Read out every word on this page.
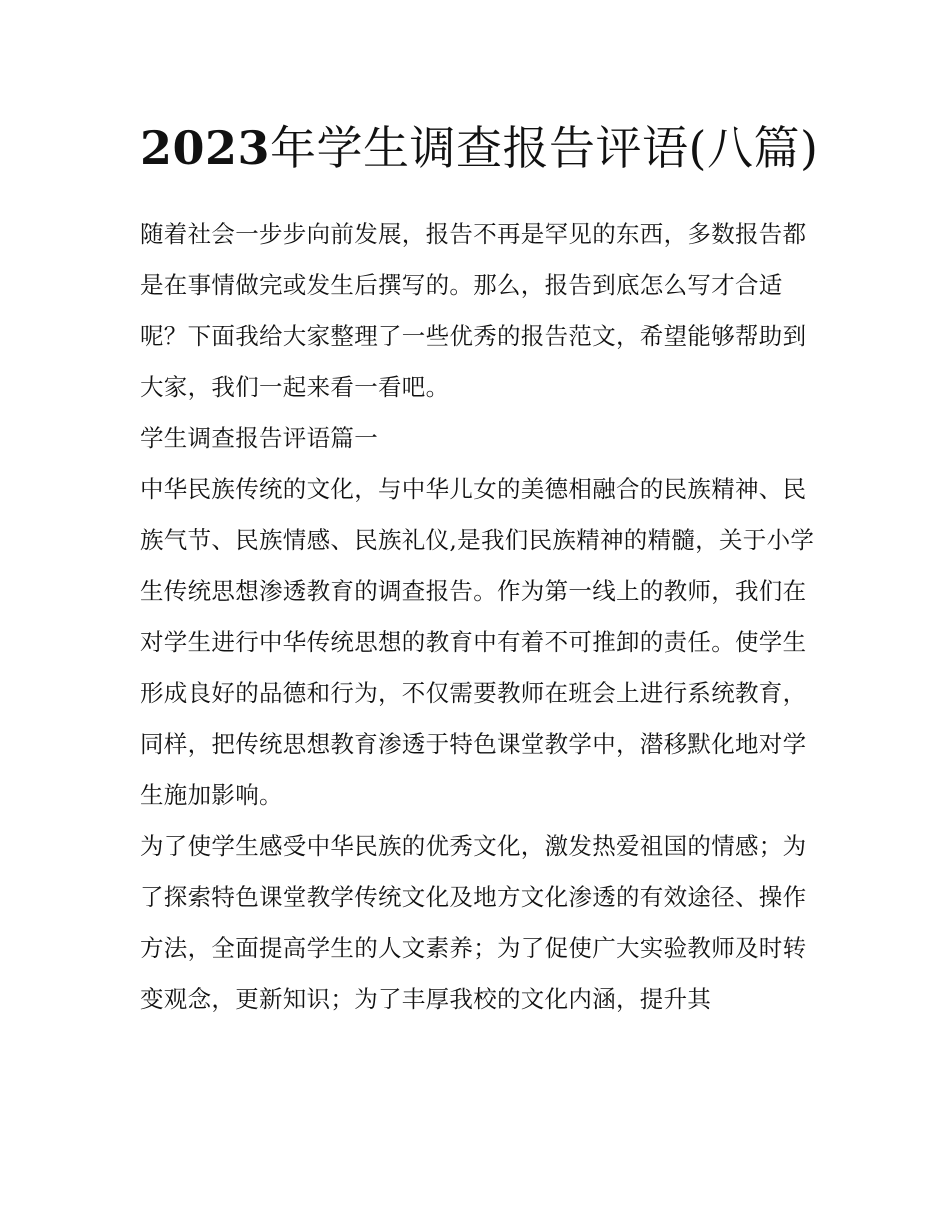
2023年学生调查报告评语(八篇)

随着社会一步步向前发展，报告不再是罕见的东西，多数报告都是在事情做完或发生后撰写的。那么，报告到底怎么写才合适呢？下面我给大家整理了一些优秀的报告范文，希望能够帮助到大家，我们一起来看一看吧。

学生调查报告评语篇一

中华民族传统的文化，与中华儿女的美德相融合的民族精神、民族气节、民族情感、民族礼仪,是我们民族精神的精髓，关于小学生传统思想渗透教育的调查报告。作为第一线上的教师，我们在对学生进行中华传统思想的教育中有着不可推卸的责任。使学生形成良好的品德和行为，不仅需要教师在班会上进行系统教育，同样，把传统思想教育渗透于特色课堂教学中，潜移默化地对学生施加影响。

为了使学生感受中华民族的优秀文化，激发热爱祖国的情感；为了探索特色课堂教学传统文化及地方文化渗透的有效途径、操作方法，全面提高学生的人文素养；为了促使广大实验教师及时转变观念，更新知识；为了丰厚我校的文化内涵，提升其
